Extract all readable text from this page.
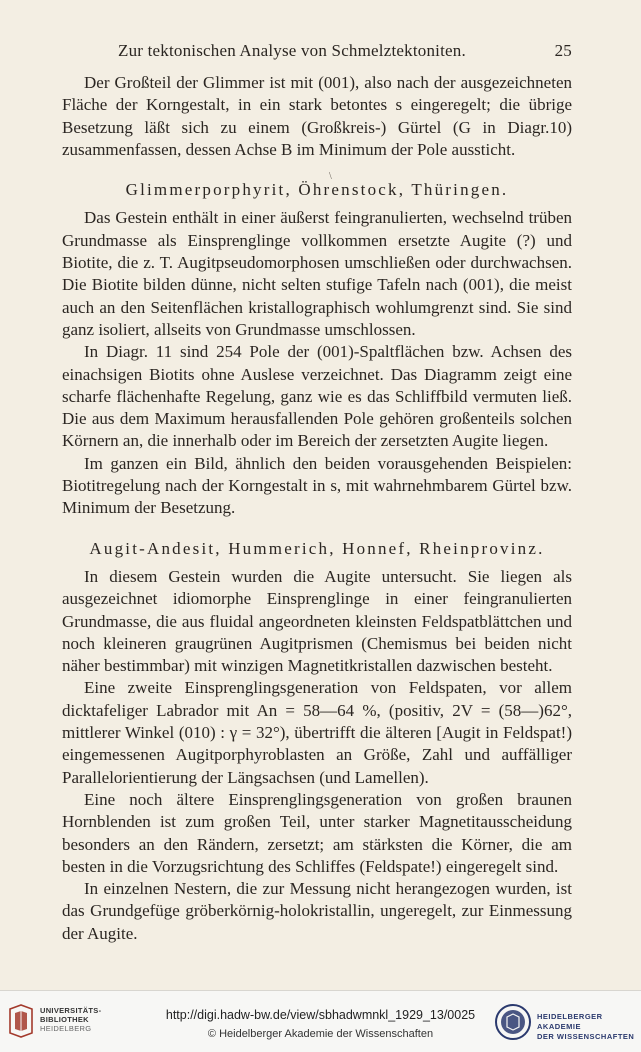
Zur tektonischen Analyse von Schmelztektoniten.	25
\

Der Großteil der Glimmer ist mit (001), also nach der ausgezeichneten Fläche der Korngestalt, in ein stark betontes s eingeregelt; die übrige Besetzung läßt sich zu einem (Großkreis-) Gürtel (G in Diagr.10) zusammenfassen, dessen Achse B im Minimum der Pole aussticht.

Glimmerporphyrit, Öhrenstock, Thüringen.

Das Gestein enthält in einer äußerst feingranulierten, wechselnd trüben Grundmasse als Einsprenglinge vollkommen ersetzte Augite (?) und Biotite, die z. T. Augitpseudomorphosen umschließen oder durchwachsen. Die Biotite bilden dünne, nicht selten stufige Tafeln nach (001), die meist auch an den Seitenflächen kristallographisch wohlumgrenzt sind. Sie sind ganz isoliert, allseits von Grundmasse umschlossen.

In Diagr. 11 sind 254 Pole der (001)-Spaltflächen bzw. Achsen des einachsigen Biotits ohne Auslese verzeichnet. Das Diagramm zeigt eine scharfe flächenhafte Regelung, ganz wie es das Schliffbild vermuten ließ. Die aus dem Maximum herausfallenden Pole gehören großenteils solchen Körnern an, die innerhalb oder im Bereich der zersetzten Augite liegen.

Im ganzen ein Bild, ähnlich den beiden vorausgehenden Beispielen: Biotitregelung nach der Korngestalt in s, mit wahrnehmbarem Gürtel bzw. Minimum der Besetzung.

Augit-Andesit, Hummerich, Honnef, Rheinprovinz.

In diesem Gestein wurden die Augite untersucht. Sie liegen als ausgezeichnet idiomorphe Einsprenglinge in einer feingranulierten Grundmasse, die aus fluidal angeordneten kleinsten Feldspatblättchen und noch kleineren graugrünen Augitprismen (Chemismus bei beiden nicht näher bestimmbar) mit winzigen Magnetitkristallen dazwischen besteht.

Eine zweite Einsprenglingsgeneration von Feldspaten, vor allem dicktafeliger Labrador mit An = 58—64 %, (positiv, 2V = (58—)62°, mittlerer Winkel (010) : γ = 32°), übertrifft die älteren [Augit in Feldspat!) eingemessenen Augitporphyroblasten an Größe, Zahl und auffälliger Parallelorientierung der Längsachsen (und Lamellen).

Eine noch ältere Einsprenglingsgeneration von großen braunen Hornblenden ist zum großen Teil, unter starker Magnetitausscheidung besonders an den Rändern, zersetzt; am stärksten die Körner, die am besten in die Vorzugsrichtung des Schliffes (Feldspate!) eingeregelt sind.

In einzelnen Nestern, die zur Messung nicht herangezogen wurden, ist das Grundgefüge gröberkörnig-holokristallin, ungeregelt, zur Einmessung der Augite.

UNIVERSITÄTS-
BIBLIOTHEK
HEIDELBERG
http://digi.hadw-bw.de/view/sbhadwmnkl_1929_13/0025
© Heidelberger Akademie der Wissenschaften
HEIDELBERGER AKADEMIE
DER WISSENSCHAFTEN
